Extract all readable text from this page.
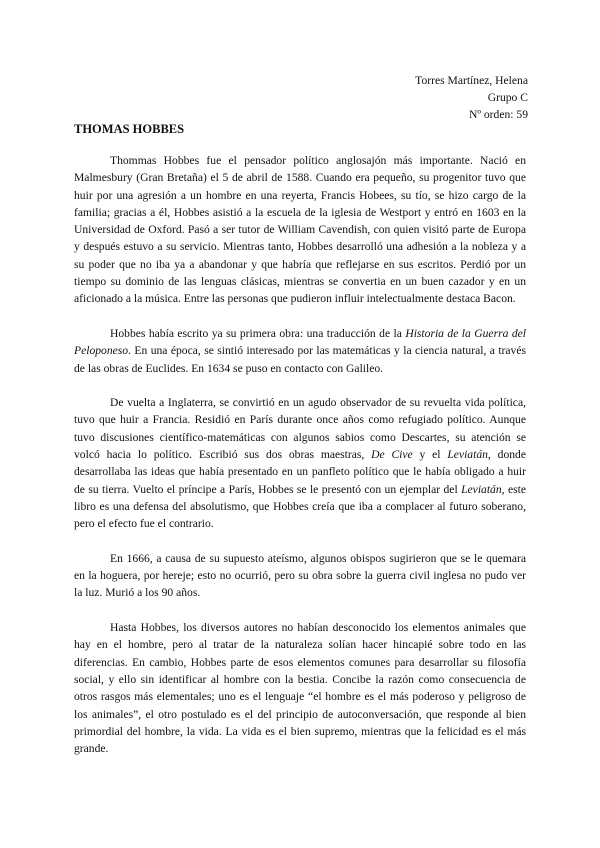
Torres Martínez, Helena
Grupo C
Nº orden: 59
THOMAS HOBBES

Thommas Hobbes fue el pensador político anglosajón más importante. Nació en Malmesbury (Gran Bretaña) el 5 de abril de 1588. Cuando era pequeño, su progenitor tuvo que huir por una agresión a un hombre en una reyerta, Francis Hobees, su tío, se hizo cargo de la familia; gracias a él, Hobbes asistió a la escuela de la iglesia de Westport y entró en 1603 en la Universidad de Oxford. Pasó a ser tutor de William Cavendish, con quien visitó parte de Europa y después estuvo a su servicio. Mientras tanto, Hobbes desarrolló una adhesión a la nobleza y a su poder que no iba ya a abandonar y que habría que reflejarse en sus escritos. Perdió por un tiempo su dominio de las lenguas clásicas, mientras se convertia en un buen cazador y en un aficionado a la música. Entre las personas que pudieron influir intelectualmente destaca Bacon.

Hobbes había escrito ya su primera obra: una traducción de la Historia de la Guerra del Peloponeso. En una época, se sintió interesado por las matemáticas y la ciencia natural, a través de las obras de Euclides. En 1634 se puso en contacto con Galileo.

De vuelta a Inglaterra, se convirtió en un agudo observador de su revuelta vida política, tuvo que huir a Francia. Residió en París durante once años como refugiado político. Aunque tuvo discusiones científico-matemáticas con algunos sabios como Descartes, su atención se volcó hacia lo político. Escribió sus dos obras maestras, De Cive y el Leviatán, donde desarrollaba las ideas que había presentado en un panfleto político que le había obligado a huir de su tierra. Vuelto el príncipe a París, Hobbes se le presentó con un ejemplar del Leviatán, este libro es una defensa del absolutismo, que Hobbes creía que iba a complacer al futuro soberano, pero el efecto fue el contrario.

En 1666, a causa de su supuesto ateísmo, algunos obispos sugirieron que se le quemara en la hoguera, por hereje; esto no ocurrió, pero su obra sobre la guerra civil inglesa no pudo ver la luz. Murió a los 90 años.

Hasta Hobbes, los diversos autores no habían desconocido los elementos animales que hay en el hombre, pero al tratar de la naturaleza solían hacer hincapié sobre todo en las diferencias. En cambio, Hobbes parte de esos elementos comunes para desarrollar su filosofía social, y ello sin identificar al hombre con la bestia. Concibe la razón como consecuencia de otros rasgos más elementales; uno es el lenguaje “el hombre es el más poderoso y peligroso de los animales”, el otro postulado es el del principio de autoconversación, que responde al bien primordial del hombre, la vida. La vida es el bien supremo, mientras que la felicidad es el más grande.
